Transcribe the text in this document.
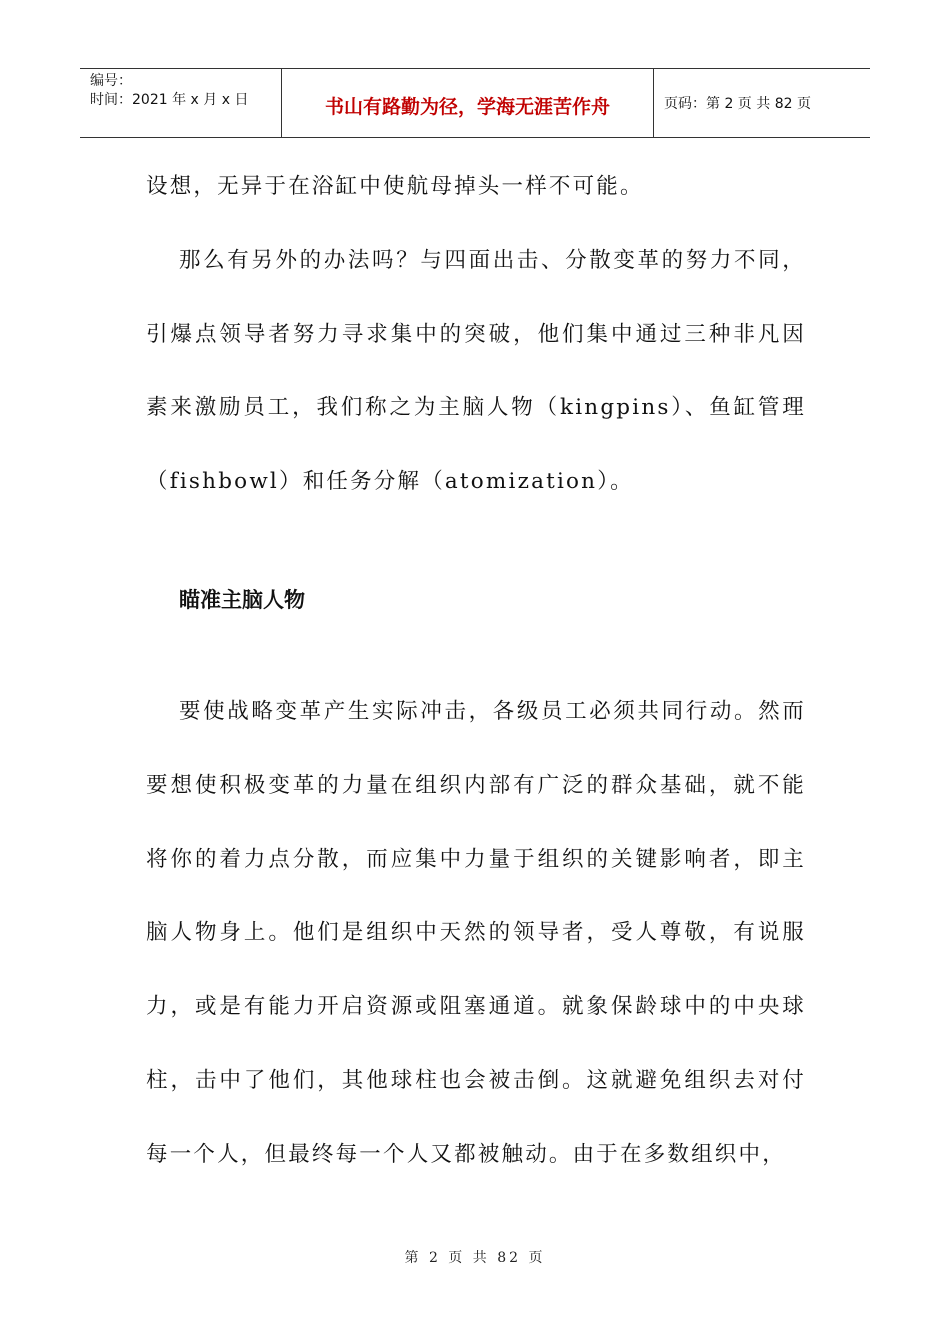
编号：
时间：2021 年 x 月 x 日	书山有路勤为径，学海无涯苦作舟	页码：第 2 页 共 82 页

设想，无异于在浴缸中使航母掉头一样不可能。

那么有另外的办法吗？与四面出击、分散变革的努力不同，引爆点领导者努力寻求集中的突破，他们集中通过三种非凡因素来激励员工，我们称之为主脑人物（kingpins）、鱼缸管理（fishbowl）和任务分解（atomization）。

瞄准主脑人物

要使战略变革产生实际冲击，各级员工必须共同行动。然而要想使积极变革的力量在组织内部有广泛的群众基础，就不能将你的着力点分散，而应集中力量于组织的关键影响者，即主脑人物身上。他们是组织中天然的领导者，受人尊敬，有说服力，或是有能力开启资源或阻塞通道。就象保龄球中的中央球柱，击中了他们，其他球柱也会被击倒。这就避免组织去对付每一个人，但最终每一个人又都被触动。由于在多数组织中，

第 2 页 共 82 页
